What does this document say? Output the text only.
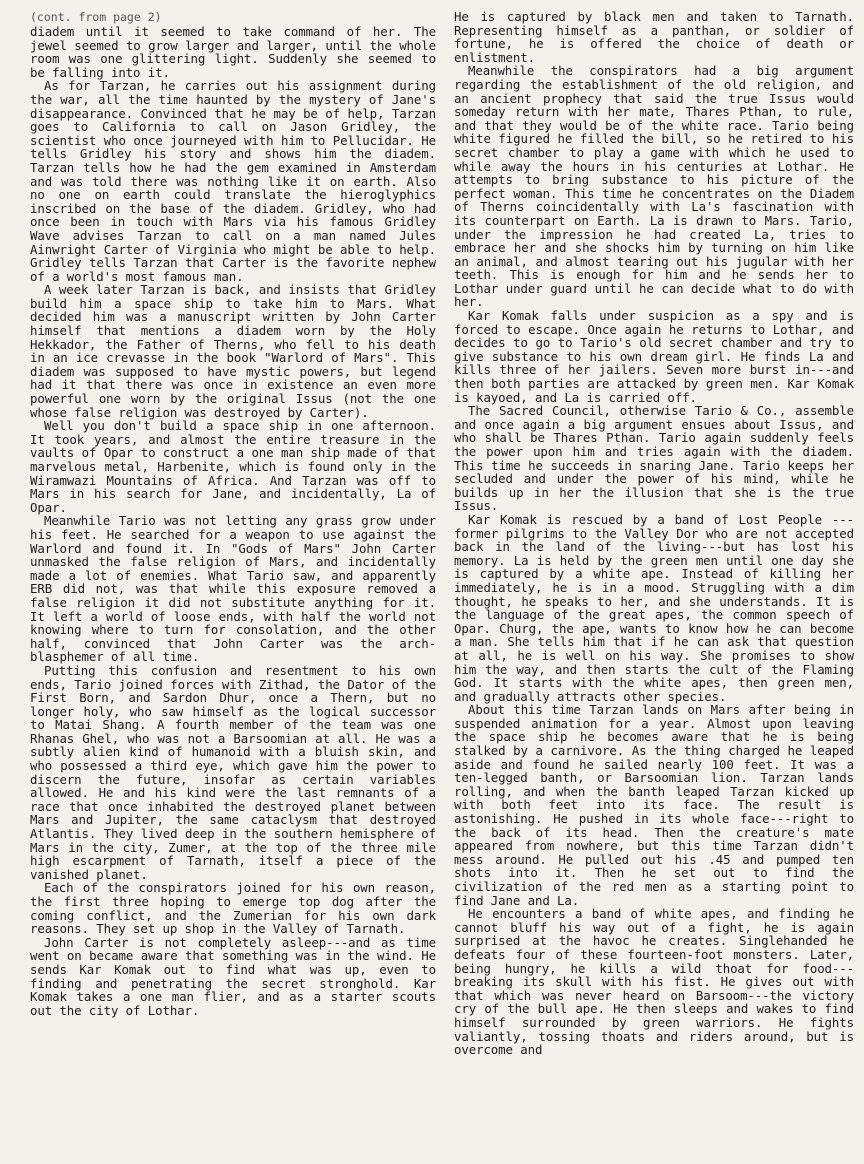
(cont. from page 2)

diadem until it seemed to take command of her. The jewel seemed to grow larger and larger, until the whole room was one glittering light. Suddenly she seemed to be falling into it.

As for Tarzan, he carries out his assignment during the war, all the time haunted by the mystery of Jane's disappearance. Convinced that he may be of help, Tarzan goes to California to call on Jason Gridley, the scientist who once journeyed with him to Pellucidar. He tells Gridley his story and shows him the diadem. Tarzan tells how he had the gem examined in Amsterdam and was told there was nothing like it on earth. Also no one on earth could translate the hieroglyphics inscribed on the base of the diadem. Gridley, who had once been in touch with Mars via his famous Gridley Wave advises Tarzan to call on a man named Jules Ainwright Carter of Virginia who might be able to help. Gridley tells Tarzan that Carter is the favorite nephew of a world's most famous man.

A week later Tarzan is back, and insists that Gridley build him a space ship to take him to Mars. What decided him was a manuscript written by John Carter himself that mentions a diadem worn by the Holy Hekkador, the Father of Therns, who fell to his death in an ice crevasse in the book "Warlord of Mars". This diadem was supposed to have mystic powers, but legend had it that there was once in existence an even more powerful one worn by the original Issus (not the one whose false religion was destroyed by Carter).

Well you don't build a space ship in one afternoon. It took years, and almost the entire treasure in the vaults of Opar to construct a one man ship made of that marvelous metal, Harbenite, which is found only in the Wiramwazi Mountains of Africa. And Tarzan was off to Mars in his search for Jane, and incidentally, La of Opar.

Meanwhile Tario was not letting any grass grow under his feet. He searched for a weapon to use against the Warlord and found it. In "Gods of Mars" John Carter unmasked the false religion of Mars, and incidentally made a lot of enemies. What Tario saw, and apparently ERB did not, was that while this exposure removed a false religion it did not substitute anything for it. It left a world of loose ends, with half the world not knowing where to turn for consolation, and the other half, convinced that John Carter was the arch-blasphemer of all time.

Putting this confusion and resentment to his own ends, Tario joined forces with Zithad, the Dator of the First Born, and Sardon Dhur, once a Thern, but no longer holy, who saw himself as the logical successor to Matai Shang. A fourth member of the team was one Rhanas Ghel, who was not a Barsoomian at all. He was a subtly alien kind of humanoid with a bluish skin, and who possessed a third eye, which gave him the power to discern the future, insofar as certain variables allowed. He and his kind were the last remnants of a race that once inhabited the destroyed planet between Mars and Jupiter, the same cataclysm that destroyed Atlantis. They lived deep in the southern hemisphere of Mars in the city, Zumer, at the top of the three mile high escarpment of Tarnath, itself a piece of the vanished planet.

Each of the conspirators joined for his own reason, the first three hoping to emerge top dog after the coming conflict, and the Zumerian for his own dark reasons. They set up shop in the Valley of Tarnath.

John Carter is not completely asleep---and as time went on became aware that something was in the wind. He sends Kar Komak out to find what was up, even to finding and penetrating the secret stronghold. Kar Komak takes a one man flier, and as a starter scouts out the city of Lothar.

He is captured by black men and taken to Tarnath. Representing himself as a panthan, or soldier of fortune, he is offered the choice of death or enlistment.

Meanwhile the conspirators had a big argument regarding the establishment of the old religion, and an ancient prophecy that said the true Issus would someday return with her mate, Thares Pthan, to rule, and that they would be of the white race. Tario being white figured he filled the bill, so he retired to his secret chamber to play a game with which he used to while away the hours in his centuries at Lothar. He attempts to bring substance to his picture of the perfect woman. This time he concentrates on the Diadem of Therns coincidentally with La's fascination with its counterpart on Earth. La is drawn to Mars. Tario, under the impression he had created La, tries to embrace her and she shocks him by turning on him like an animal, and almost tearing out his jugular with her teeth. This is enough for him and he sends her to Lothar under guard until he can decide what to do with her.

Kar Komak falls under suspicion as a spy and is forced to escape. Once again he returns to Lothar, and decides to go to Tario's old secret chamber and try to give substance to his own dream girl. He finds La and kills three of her jailers. Seven more burst in---and then both parties are attacked by green men. Kar Komak is kayoed, and La is carried off.

The Sacred Council, otherwise Tario & Co., assemble and once again a big argument ensues about Issus, and who shall be Thares Pthan. Tario again suddenly feels the power upon him and tries again with the diadem. This time he succeeds in snaring Jane. Tario keeps her secluded and under the power of his mind, while he builds up in her the illusion that she is the true Issus.

Kar Komak is rescued by a band of Lost People ---former pilgrims to the Valley Dor who are not accepted back in the land of the living---but has lost his memory. La is held by the green men until one day she is captured by a white ape. Instead of killing her immediately, he is in a mood. Struggling with a dim thought, he speaks to her, and she understands. It is the language of the great apes, the common speech of Opar. Churg, the ape, wants to know how he can become a man. She tells him that if he can ask that question at all, he is well on his way. She promises to show him the way, and then starts the cult of the Flaming God. It starts with the white apes, then green men, and gradually attracts other species.

About this time Tarzan lands on Mars after being in suspended animation for a year. Almost upon leaving the space ship he becomes aware that he is being stalked by a carnivore. As the thing charged he leaped aside and found he sailed nearly 100 feet. It was a ten-legged banth, or Barsoomian lion. Tarzan lands rolling, and when the banth leaped Tarzan kicked up with both feet into its face. The result is astonishing. He pushed in its whole face---right to the back of its head. Then the creature's mate appeared from nowhere, but this time Tarzan didn't mess around. He pulled out his .45 and pumped ten shots into it. Then he set out to find the civilization of the red men as a starting point to find Jane and La.

He encounters a band of white apes, and finding he cannot bluff his way out of a fight, he is again surprised at the havoc he creates. Singlehanded he defeats four of these fourteen-foot monsters. Later, being hungry, he kills a wild thoat for food---breaking its skull with his fist. He gives out with that which was never heard on Barsoom---the victory cry of the bull ape. He then sleeps and wakes to find himself surrounded by green warriors. He fights valiantly, tossing thoats and riders around, but is overcome and
